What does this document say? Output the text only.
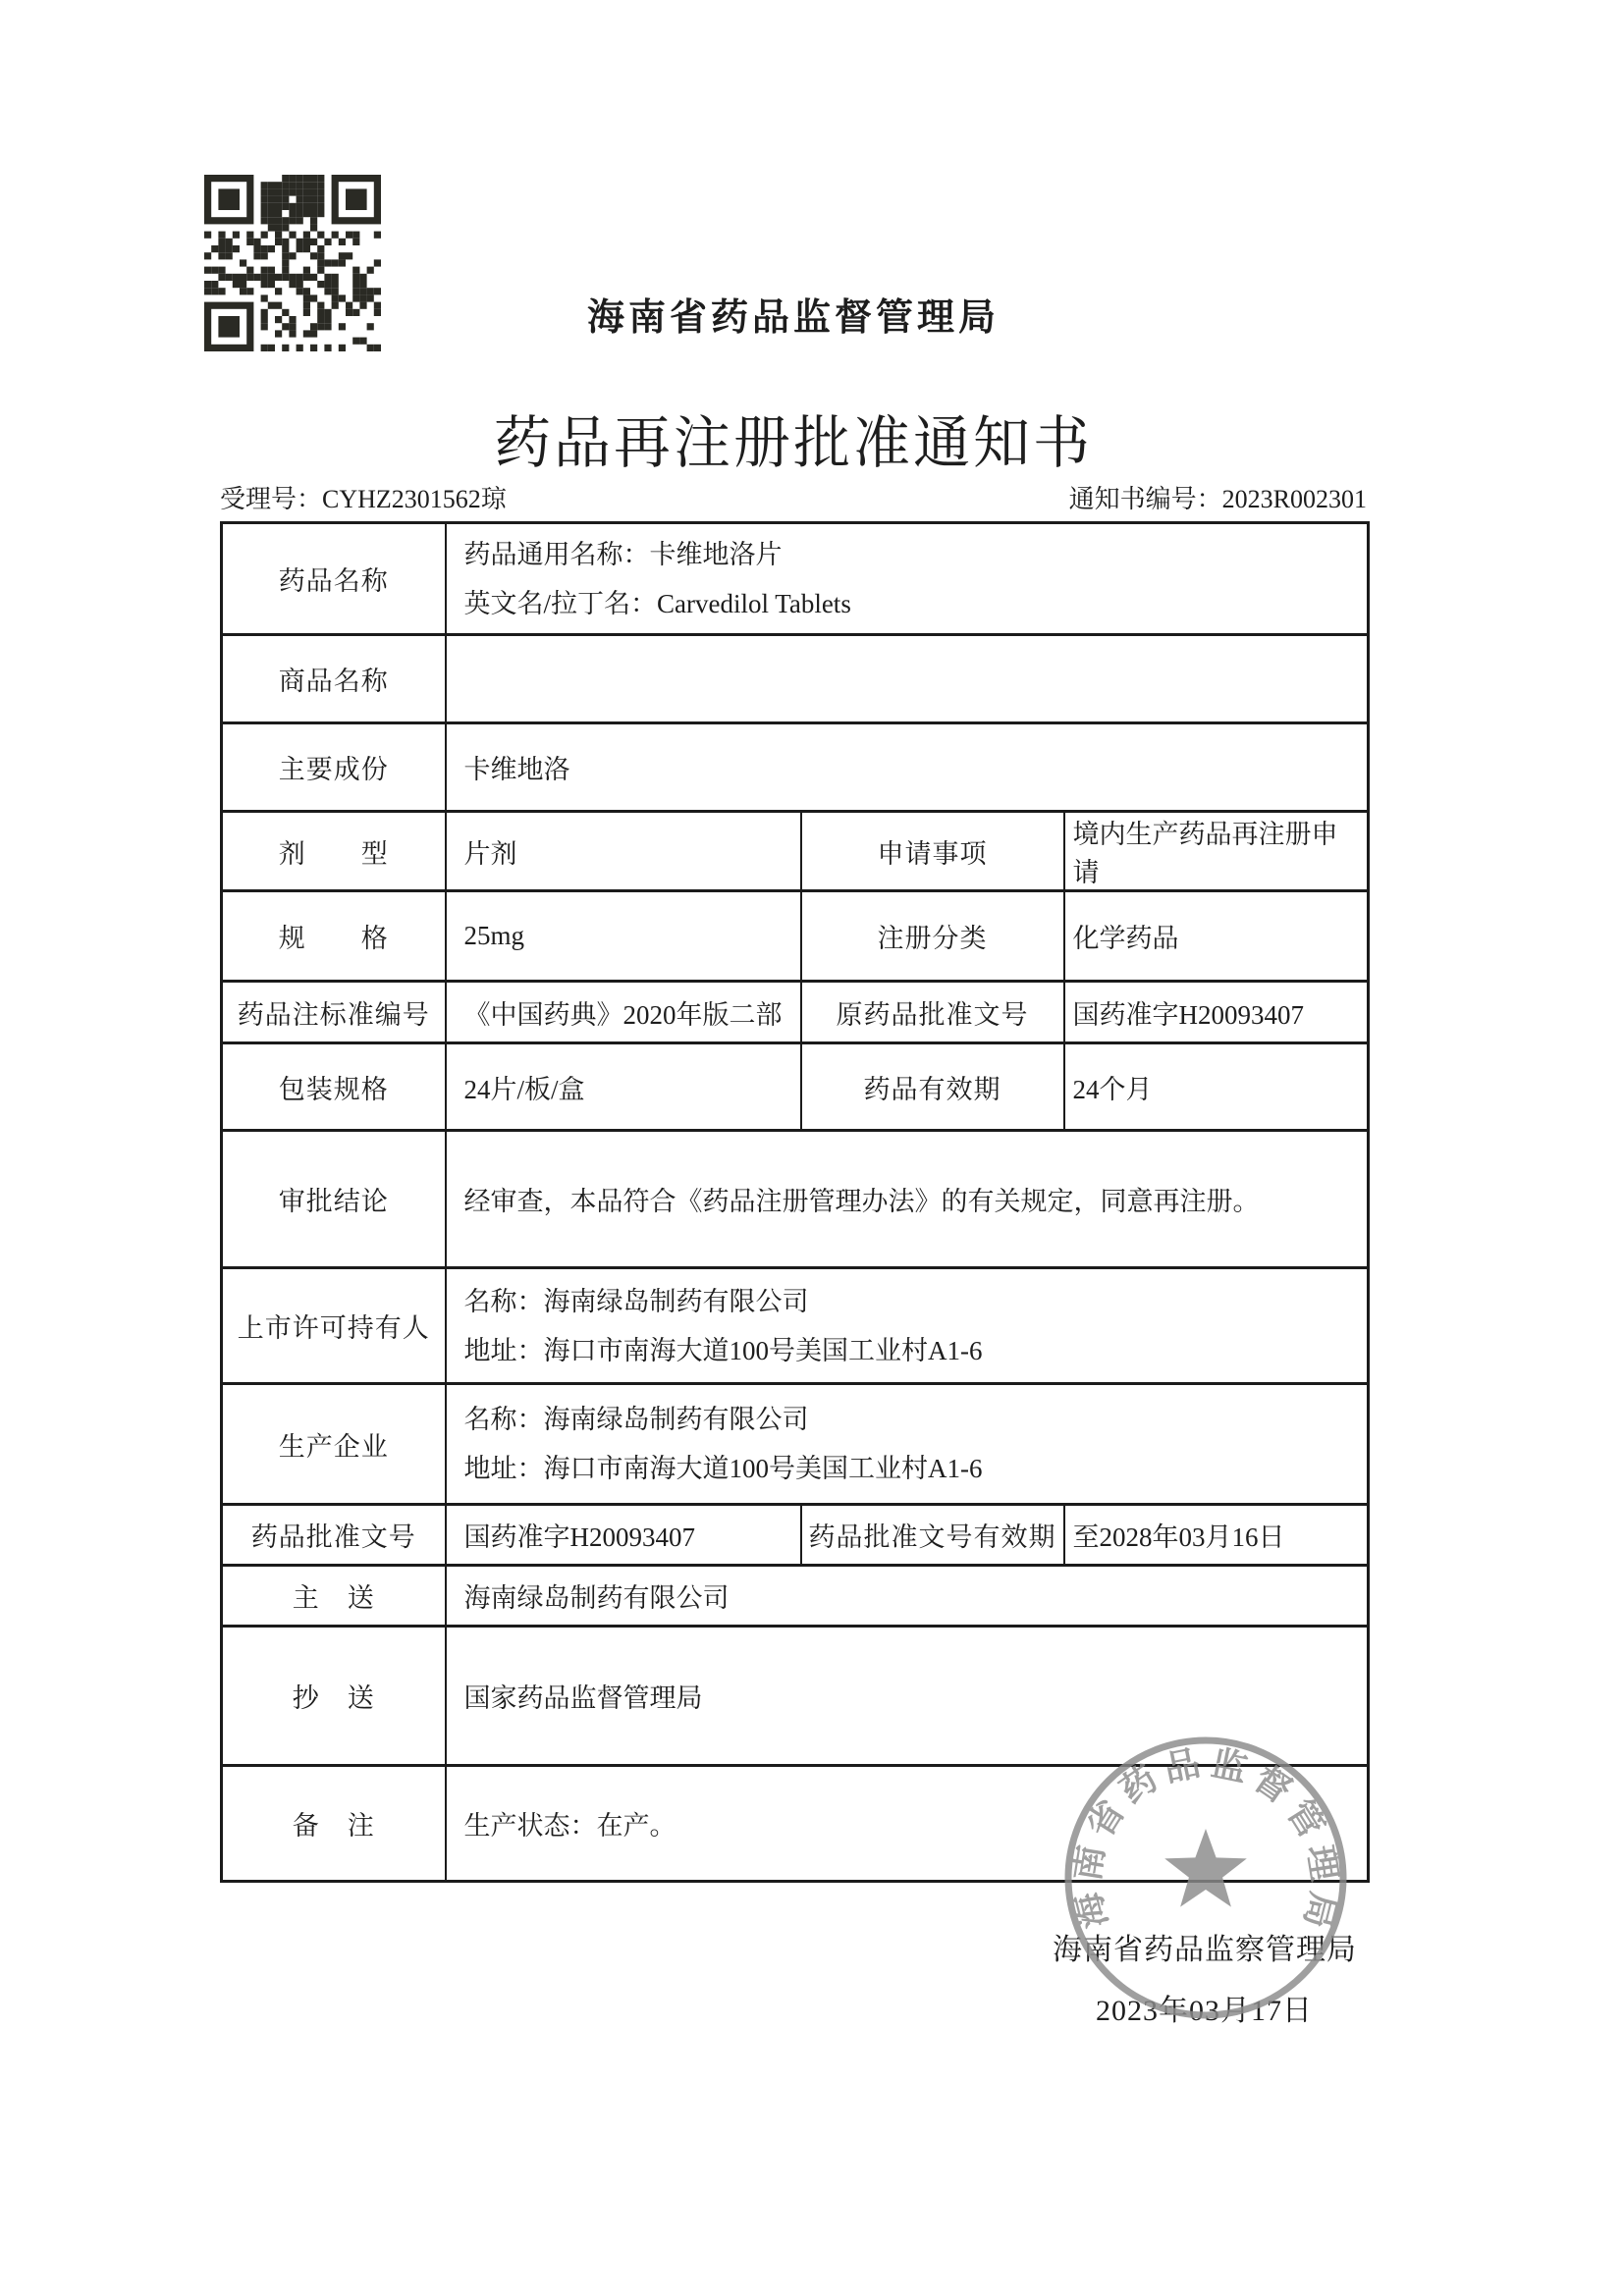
海南省药品监督管理局
药品再注册批准通知书
受理号：CYHZ2301562琼	通知书编号：2023R002301
药品名称	药品通用名称：卡维地洛片
英文名/拉丁名：Carvedilol Tablets		

商品名称			
主要成份	卡维地洛		
剂　　型	片剂	申请事项	境内生产药品再注册申请
规　　格	25mg	注册分类	化学药品
药品注标准编号	《中国药典》2020年版二部	原药品批准文号	国药准字H20093407
包装规格	24片/板/盒	药品有效期	24个月
审批结论	经审查，本品符合《药品注册管理办法》的有关规定，同意再注册。		
上市许可持有人	名称：海南绿岛制药有限公司
地址：海口市南海大道100号美国工业村A1-6		

生产企业	名称：海南绿岛制药有限公司
地址：海口市南海大道100号美国工业村A1-6		

药品批准文号	国药准字H20093407	药品批准文号有效期	至2028年03月16日
主　送	海南绿岛制药有限公司		
抄　送	国家药品监督管理局		
备　注	生产状态：在产。		
海南省药品监察管理局
2023年03月17日
海南省药品监督管理局
